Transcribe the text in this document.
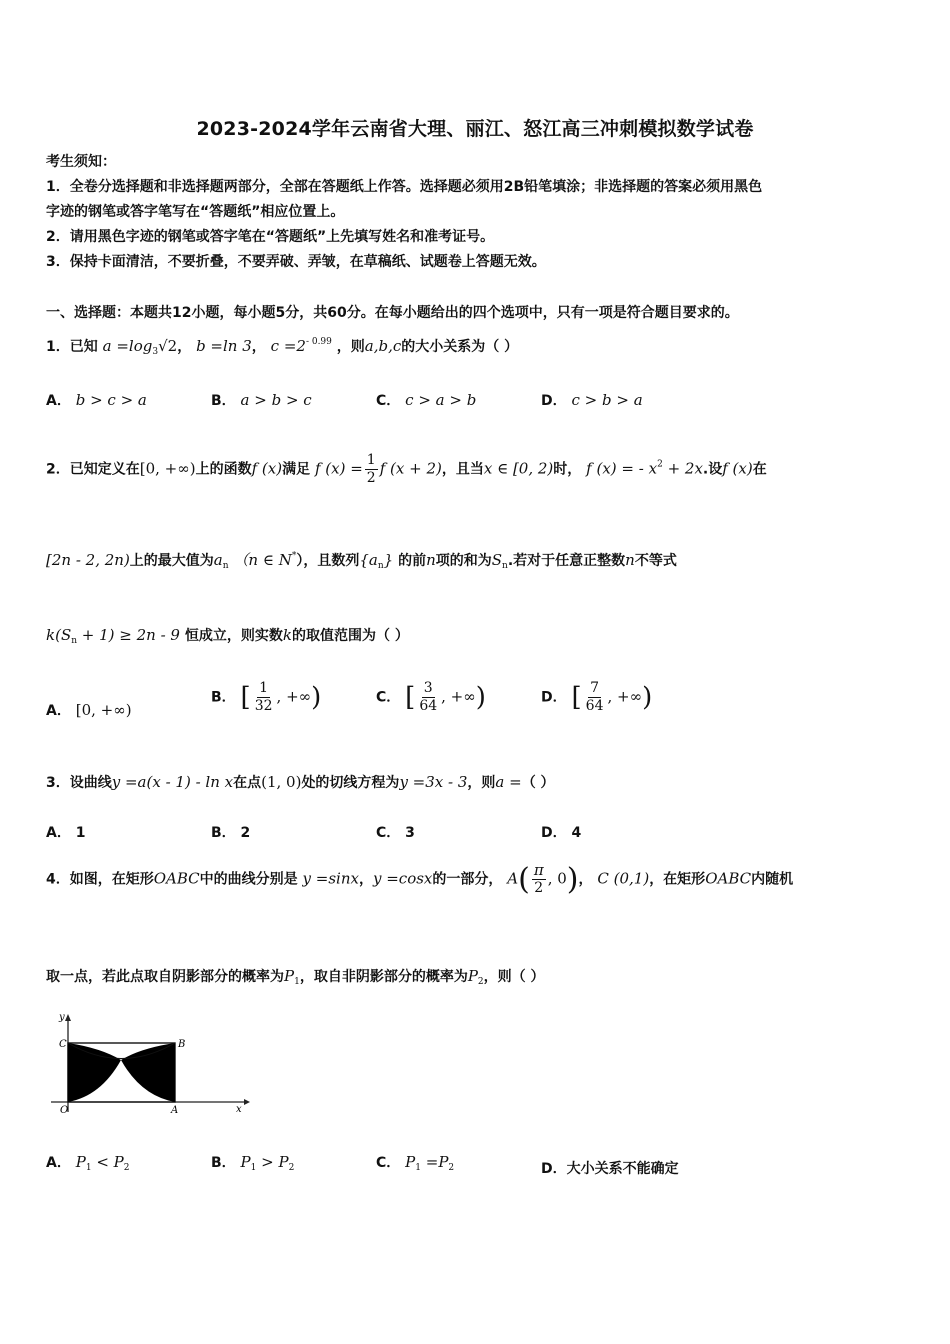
2023-2024学年云南省大理、丽江、怒江高三冲刺模拟数学试卷
考生须知：
1．全卷分选择题和非选择题两部分，全部在答题纸上作答。选择题必须用2B铅笔填涂；非选择题的答案必须用黑色
字迹的钢笔或答字笔写在“答题纸”相应位置上。
2．请用黑色字迹的钢笔或答字笔在“答题纸”上先填写姓名和准考证号。
3．保持卡面清洁，不要折叠，不要弄破、弄皱，在草稿纸、试题卷上答题无效。
一、选择题：本题共12小题，每小题5分，共60分。在每小题给出的四个选项中，只有一项是符合题目要求的。
1．已知 $a =\log_3√2$， b =ln 3， $c =2^{- 0.99}$ ，则a,b,c的大小关系为（ ）
A． b > c > a	B． a > b > c	C． c > a > b	D． c > b > a
2．已知定义在[0, +∞)上的函数f (x)满足 f $(x) = \frac{1}{2}$ f (x + 2)，且当x ∈ [0, 2)时， f (x) = - $x^2 + 2x$.设f (x)在
[2n - 2, 2n)上的最大值为$a_n$ （n ∈ N*），且数列$\{a_n\}$ 的前n项的和为$S_n$.若对于任意正整数n不等式
$k(S_n + 1) \ge 2n - 9$ 恒成立，则实数k的取值范围为（ ）
A． [0, +∞)
B． [ $\frac{1}{32}$ , +∞)	C． [ $\frac{3}{64}$ , +∞)	D． [ $\frac{7}{64}$ , +∞)
3．设曲线y =a(x - 1) - ln x在点(1, 0)处的切线方程为y =3x - 3，则a =（ ）
A． 1	B． 2	C． 3	D． 4
4．如图，在矩形OABC中的曲线分别是 y =sinx，y =cosx的一部分， $A( \frac{\pi}{2}$ , 0)， C (0,1)，在矩形OABC内随机
取一点，若此点取自阴影部分的概率为$P_1$，取自非阴影部分的概率为$P_2$，则（ ）
y
C	B
O	A	x
A． $P_1 < P_2$	B． $P_1 > P_2$	C． $P_1 =P_2$	D．大小关系不能确定
